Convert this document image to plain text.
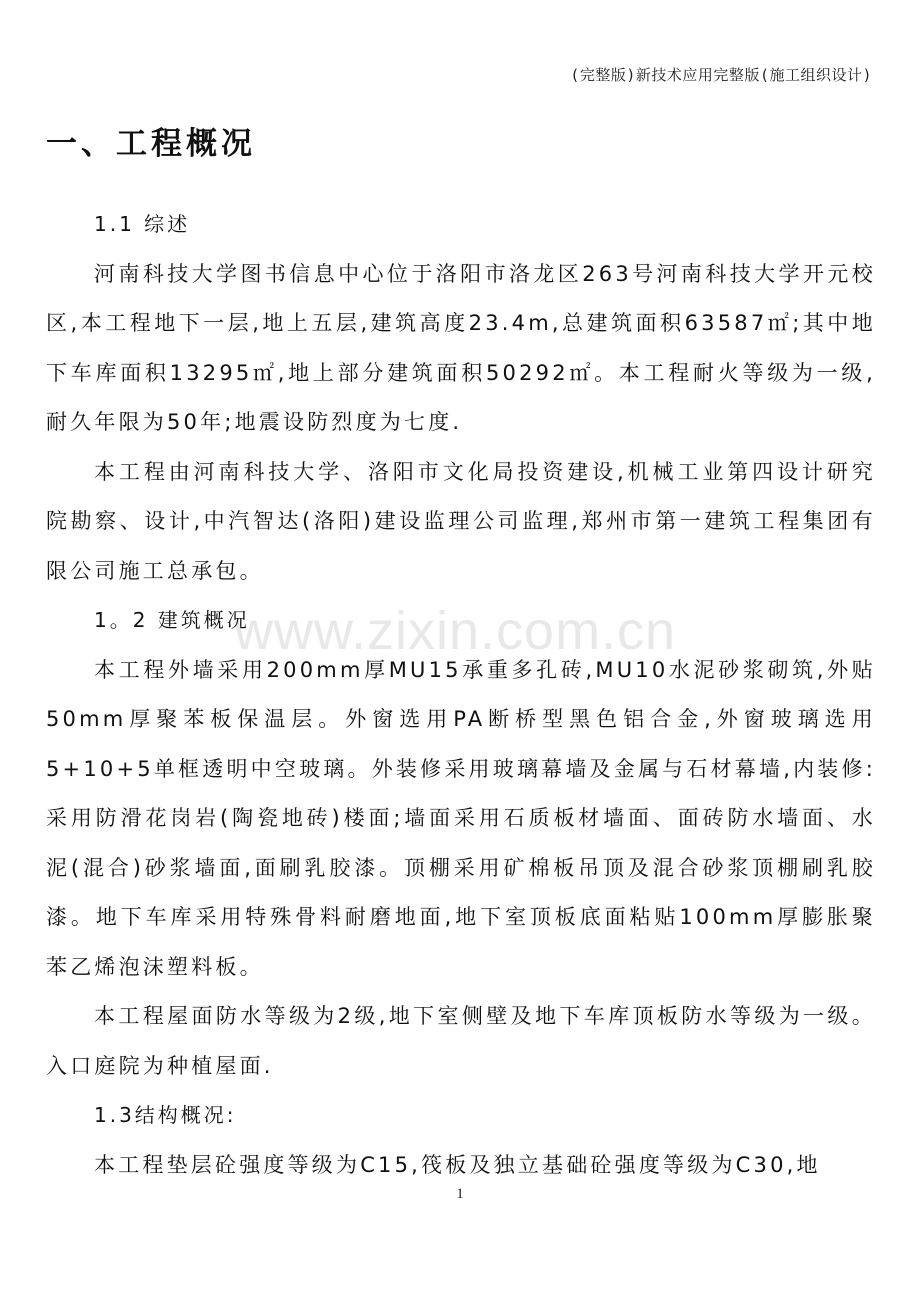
(完整版)新技术应用完整版(施工组织设计)
一、工程概况

1.1 综述

河南科技大学图书信息中心位于洛阳市洛龙区263号河南科技大学开元校区,本工程地下一层,地上五层,建筑高度23.4m,总建筑面积63587㎡;其中地下车库面积13295㎡,地上部分建筑面积50292㎡。本工程耐火等级为一级,耐久年限为50年;地震设防烈度为七度.

本工程由河南科技大学、洛阳市文化局投资建设,机械工业第四设计研究院勘察、设计,中汽智达(洛阳)建设监理公司监理,郑州市第一建筑工程集团有限公司施工总承包。

1。2 建筑概况

本工程外墙采用200mm厚MU15承重多孔砖,MU10水泥砂浆砌筑,外贴50mm厚聚苯板保温层。外窗选用PA断桥型黑色铝合金,外窗玻璃选用5+10+5单框透明中空玻璃。外装修采用玻璃幕墙及金属与石材幕墙,内装修:采用防滑花岗岩(陶瓷地砖)楼面;墙面采用石质板材墙面、面砖防水墙面、水泥(混合)砂浆墙面,面刷乳胶漆。顶棚采用矿棉板吊顶及混合砂浆顶棚刷乳胶漆。地下车库采用特殊骨料耐磨地面,地下室顶板底面粘贴100mm厚膨胀聚苯乙烯泡沫塑料板。

本工程屋面防水等级为2级,地下室侧壁及地下车库顶板防水等级为一级。入口庭院为种植屋面.

1.3结构概况:

本工程垫层砼强度等级为C15,筏板及独立基础砼强度等级为C30,地

www.zixin.com.cn
1
